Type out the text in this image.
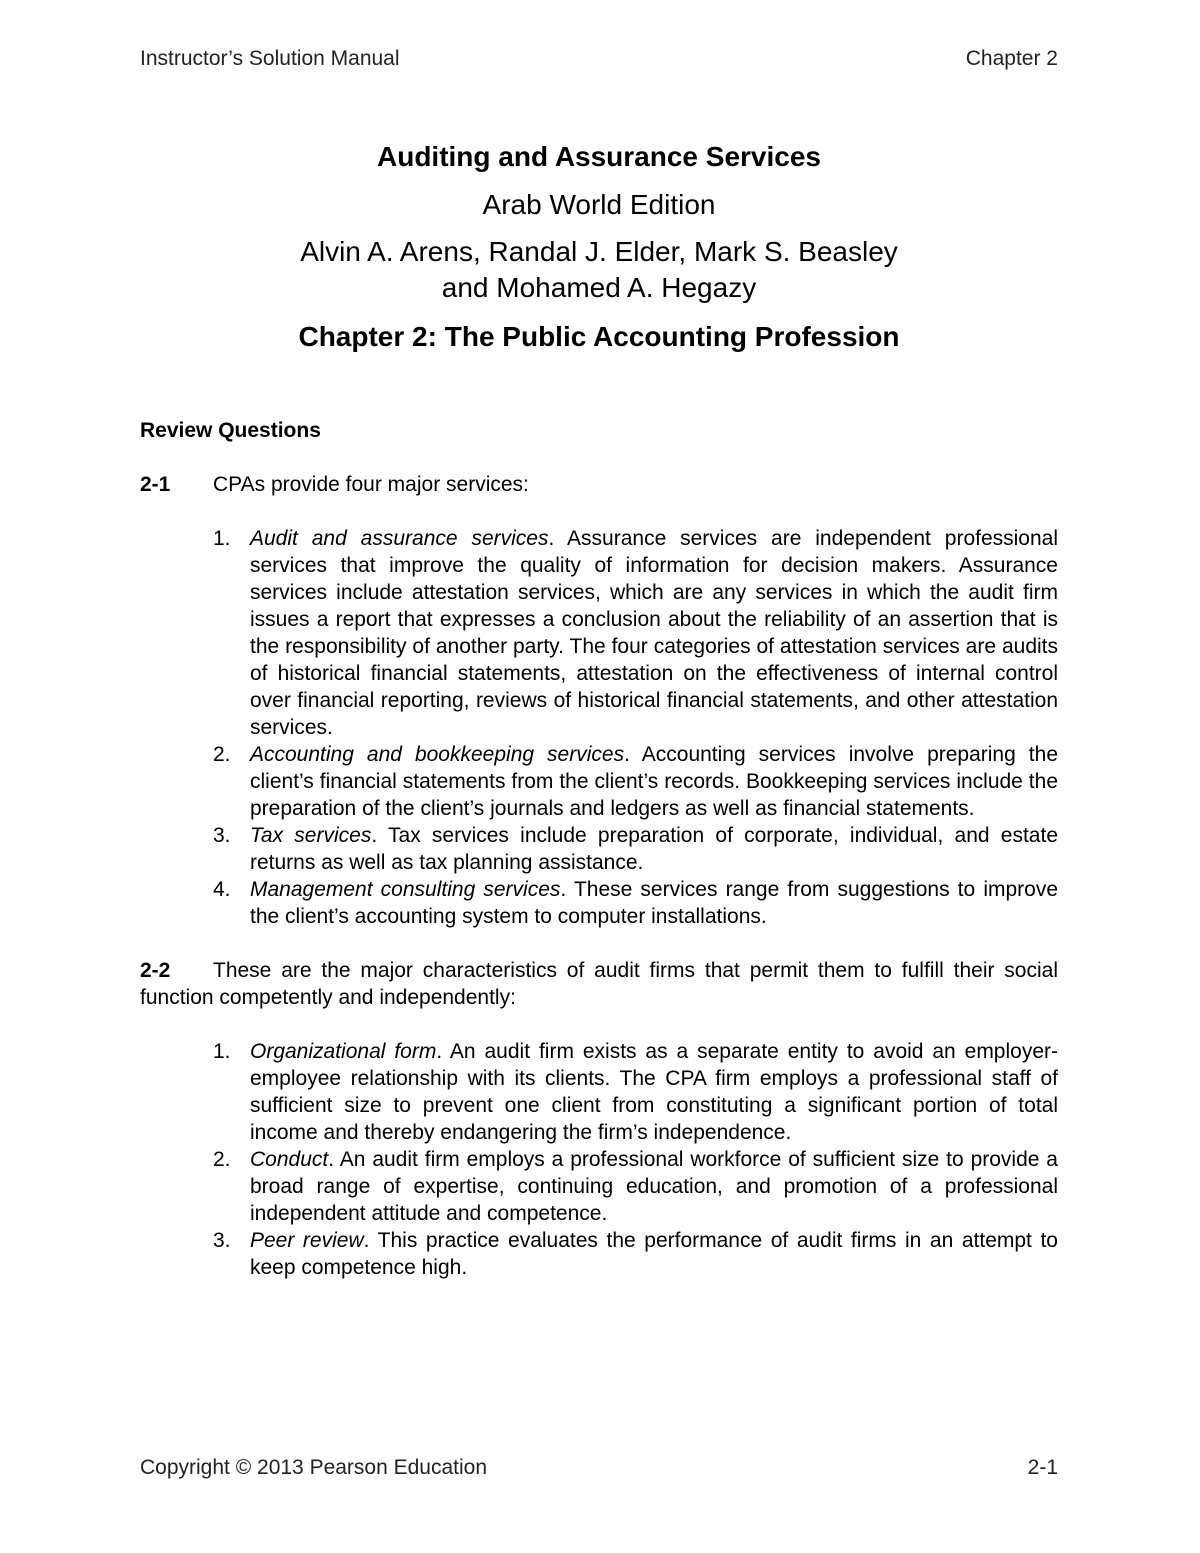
Instructor’s Solution Manual	Chapter 2

Auditing and Assurance Services

Arab World Edition

Alvin A. Arens, Randal J. Elder, Mark S. Beasley
and Mohamed A. Hegazy

Chapter 2: The Public Accounting Profession

Review Questions
2-1 CPAs provide four major services:
1. Audit and assurance services. Assurance services are independent professional services that improve the quality of information for decision makers. Assurance services include attestation services, which are any services in which the audit firm issues a report that expresses a conclusion about the reliability of an assertion that is the responsibility of another party. The four categories of attestation services are audits of historical financial statements, attestation on the effectiveness of internal control over financial reporting, reviews of historical financial statements, and other attestation services.
2. Accounting and bookkeeping services. Accounting services involve preparing the client’s financial statements from the client’s records. Bookkeeping services include the preparation of the client’s journals and ledgers as well as financial statements.
3. Tax services. Tax services include preparation of corporate, individual, and estate returns as well as tax planning assistance.
4. Management consulting services. These services range from suggestions to improve the client’s accounting system to computer installations.
2-2 These are the major characteristics of audit firms that permit them to fulfill their social function competently and independently:
1. Organizational form. An audit firm exists as a separate entity to avoid an employer-employee relationship with its clients. The CPA firm employs a professional staff of sufficient size to prevent one client from constituting a significant portion of total income and thereby endangering the firm’s independence.
2. Conduct. An audit firm employs a professional workforce of sufficient size to provide a broad range of expertise, continuing education, and promotion of a professional independent attitude and competence.
3. Peer review. This practice evaluates the performance of audit firms in an attempt to keep competence high.
Copyright © 2013 Pearson Education	2-1
